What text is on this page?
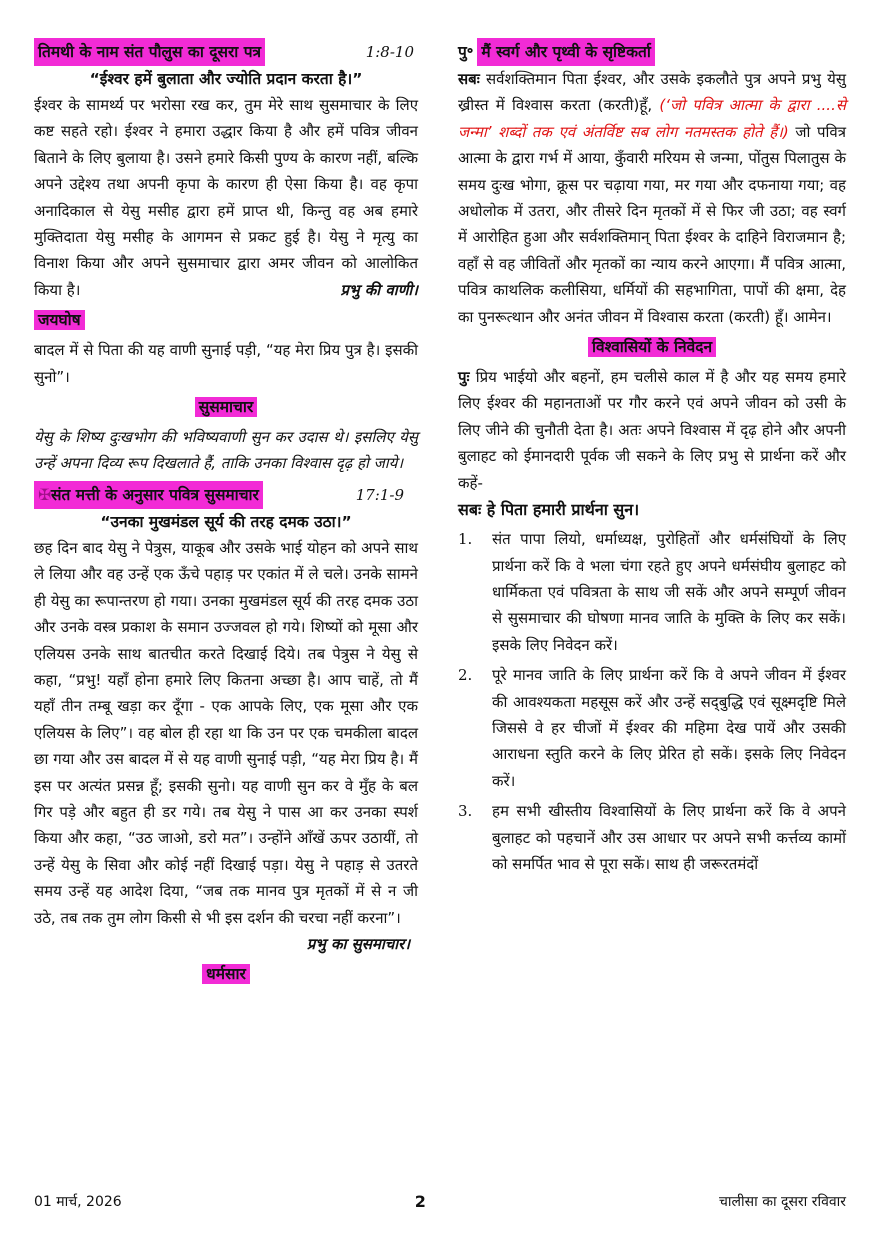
तिमथी के नाम संत पौलुस का दूसरा पत्र	1:8-10
“ईश्वर हमें बुलाता और ज्योति प्रदान करता है।”

ईश्वर के सामर्थ्य पर भरोसा रख कर, तुम मेरे साथ सुसमाचार के लिए कष्ट सहते रहो। ईश्वर ने हमारा उद्धार किया है और हमें पवित्र जीवन बिताने के लिए बुलाया है। उसने हमारे किसी पुण्य के कारण नहीं, बल्कि अपने उद्देश्य तथा अपनी कृपा के कारण ही ऐसा किया है। वह कृपा अनादिकाल से येसु मसीह द्वारा हमें प्राप्त थी, किन्तु वह अब हमारे मुक्तिदाता येसु मसीह के आगमन से प्रकट हुई है। येसु ने मृत्यु का विनाश किया और अपने सुसमाचार द्वारा अमर जीवन को आलोकित किया है।	प्रभु की वाणी।

जयघोष

बादल में से पिता की यह वाणी सुनाई पड़ी, “यह मेरा प्रिय पुत्र है। इसकी सुनो”।

सुसमाचार

येसु के शिष्य दुःखभोग की भविष्यवाणी सुन कर उदास थे। इसलिए येसु उन्हें अपना दिव्य रूप दिखलाते हैं, ताकि उनका विश्वास दृढ़ हो जाये।

✠संत मत्ती के अनुसार पवित्र सुसमाचार	17:1-9
“उनका मुखमंडल सूर्य की तरह दमक उठा।”

छह दिन बाद येसु ने पेत्रुस, याकूब और उसके भाई योहन को अपने साथ ले लिया और वह उन्हें एक ऊँचे पहाड़ पर एकांत में ले चले। उनके सामने ही येसु का रूपान्तरण हो गया। उनका मुखमंडल सूर्य की तरह दमक उठा और उनके वस्त्र प्रकाश के समान उज्जवल हो गये। शिष्यों को मूसा और एलियस उनके साथ बातचीत करते दिखाई दिये। तब पेत्रुस ने येसु से कहा, “प्रभु! यहाँ होना हमारे लिए कितना अच्छा है। आप चाहें, तो मैं यहाँ तीन तम्बू खड़ा कर दूँगा - एक आपके लिए, एक मूसा और एक एलियस के लिए”। वह बोल ही रहा था कि उन पर एक चमकीला बादल छा गया और उस बादल में से यह वाणी सुनाई पड़ी, “यह मेरा प्रिय है। मैं इस पर अत्यंत प्रसन्न हूँ; इसकी सुनो। यह वाणी सुन कर वे मुँह के बल गिर पड़े और बहुत ही डर गये। तब येसु ने पास आ कर उनका स्पर्श किया और कहा, “उठ जाओ, डरो मत”। उन्होंने आँखें ऊपर उठायीं, तो उन्हें येसु के सिवा और कोई नहीं दिखाई पड़ा। येसु ने पहाड़ से उतरते समय उन्हें यह आदेश दिया, “जब तक मानव पुत्र मृतकों में से न जी उठे, तब तक तुम लोग किसी से भी इस दर्शन की चरचा नहीं करना”।

प्रभु का सुसमाचार।

धर्मसार
पु॰ मैं स्वर्ग और पृथ्वी के सृष्टिकर्ता

सबः सर्वशक्तिमान पिता ईश्वर, और उसके इकलौते पुत्र अपने प्रभु येसु ख्रीस्त में विश्वास करता (करती)हूँ, (‘जो पवित्र आत्मा के द्वारा ....से जन्मा’ शब्दों तक एवं अंतर्विष्ट सब लोग नतमस्तक होते हैं।) जो पवित्र आत्मा के द्वारा गर्भ में आया, कुँवारी मरियम से जन्मा, पोंतुस पिलातुस के समय दुःख भोगा, क्रूस पर चढ़ाया गया, मर गया और दफनाया गया; वह अधोलोक में उतरा, और तीसरे दिन मृतकों में से फिर जी उठा; वह स्वर्ग में आरोहित हुआ और सर्वशक्तिमान् पिता ईश्वर के दाहिने विराजमान है; वहाँ से वह जीवितों और मृतकों का न्याय करने आएगा। मैं पवित्र आत्मा, पवित्र काथलिक कलीसिया, धर्मियों की सहभागिता, पापों की क्षमा, देह का पुनरूत्थान और अनंत जीवन में विश्वास करता (करती) हूँ। आमेन।

विश्वासियों के निवेदन

पुः प्रिय भाईयो और बहनों, हम चलीसे काल में है और यह समय हमारे लिए ईश्वर की महानताओं पर गौर करने एवं अपने जीवन को उसी के लिए जीने की चुनौती देता है। अतः अपने विश्वास में दृढ़ होने और अपनी बुलाहट को ईमानदारी पूर्वक जी सकने के लिए प्रभु से प्रार्थना करें और कहें-

सबः हे पिता हमारी प्रार्थना सुन।
1.	संत पापा लियो, धर्माध्यक्ष, पुरोहितों और धर्मसंघियों के लिए प्रार्थना करें कि वे भला चंगा रहते हुए अपने धर्मसंघीय बुलाहट को धार्मिकता एवं पवित्रता के साथ जी सकें और अपने सम्पूर्ण जीवन से सुसमाचार की घोषणा मानव जाति के मुक्ति के लिए कर सकें। इसके लिए निवेदन करें।
2.	पूरे मानव जाति के लिए प्रार्थना करें कि वे अपने जीवन में ईश्वर की आवश्यकता महसूस करें और उन्हें सद्‌बुद्धि एवं सूक्ष्मदृष्टि मिले जिससे वे हर चीजों में ईश्वर की महिमा देख पायें और उसकी आराधना स्तुति करने के लिए प्रेरित हो सकें। इसके लिए निवेदन करें।
3.	हम सभी खीस्तीय विश्वासियों के लिए प्रार्थना करें कि वे अपने बुलाहट को पहचानें और उस आधार पर अपने सभी कर्त्तव्य कामों को समर्पित भाव से पूरा सकें। साथ ही जरूरतमंदों
01 मार्च, 2026	2	चालीसा का दूसरा रविवार
